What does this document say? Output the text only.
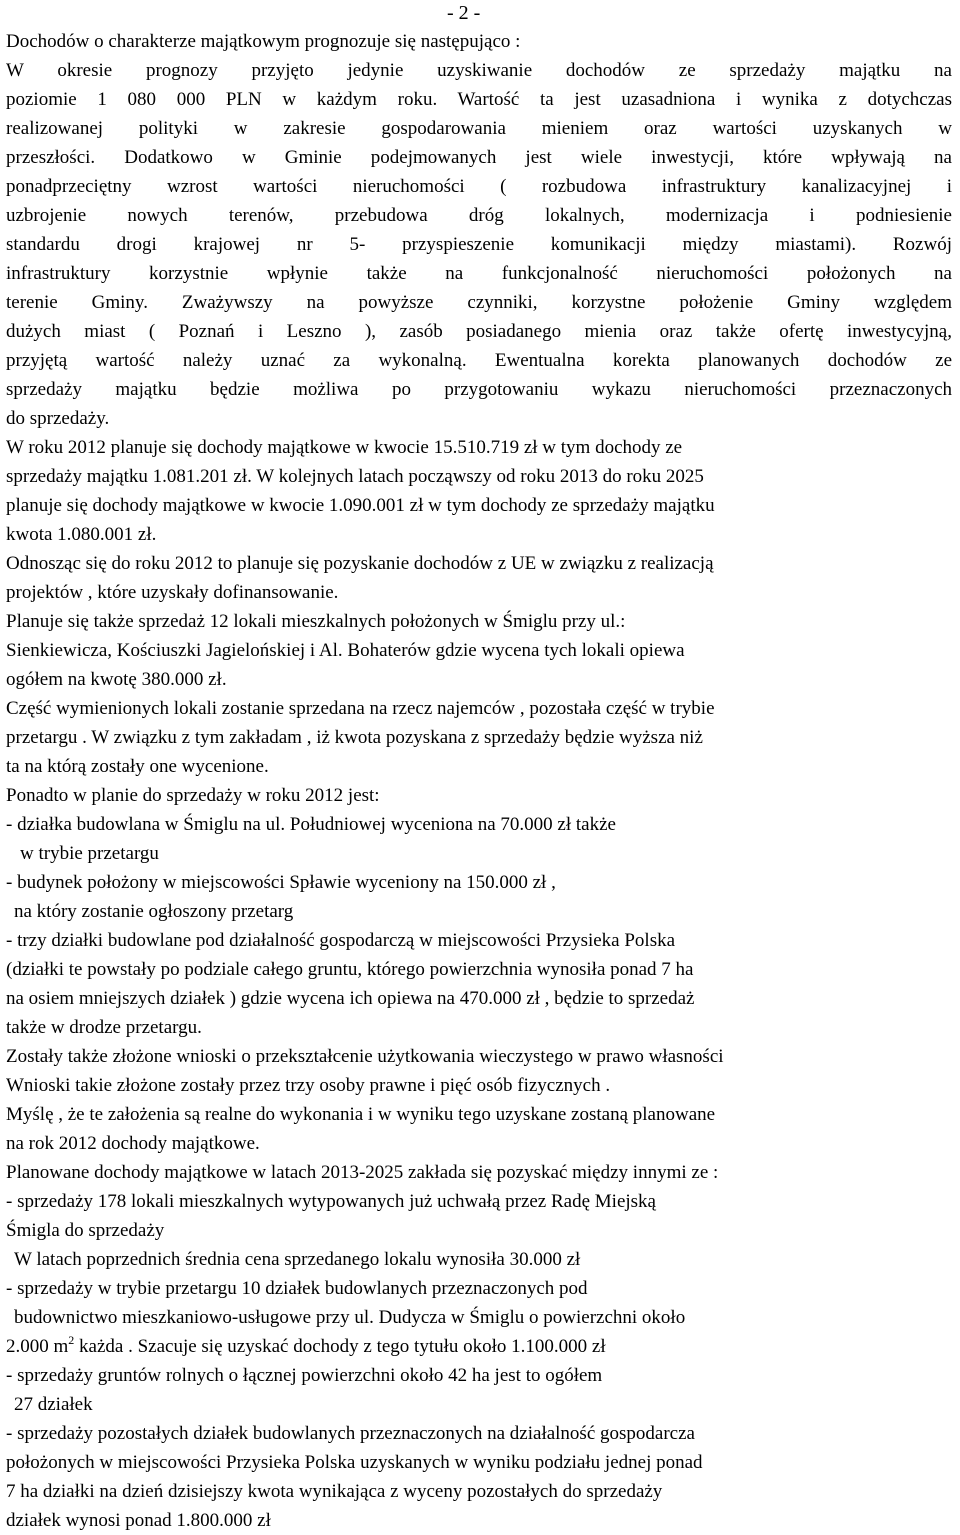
- 2 -

Dochodów o charakterze majątkowym prognozuje się następująco :

W okresie prognozy przyjęto jedynie uzyskiwanie dochodów ze sprzedaży majątku na

poziomie 1 080 000 PLN w każdym roku. Wartość ta jest uzasadniona i wynika z dotychczas

realizowanej polityki w zakresie gospodarowania mieniem oraz wartości uzyskanych w

przeszłości. Dodatkowo w Gminie podejmowanych jest wiele inwestycji, które wpływają na

ponadprzeciętny wzrost wartości nieruchomości ( rozbudowa infrastruktury kanalizacyjnej i

uzbrojenie nowych terenów, przebudowa dróg lokalnych, modernizacja i podniesienie

standardu drogi krajowej nr 5- przyspieszenie komunikacji między miastami). Rozwój

infrastruktury korzystnie wpłynie także na funkcjonalność nieruchomości położonych na

terenie Gminy. Zważywszy na powyższe czynniki, korzystne położenie Gminy względem

dużych miast ( Poznań i Leszno ), zasób posiadanego mienia oraz także ofertę inwestycyjną,

przyjętą wartość należy uznać za wykonalną. Ewentualna korekta planowanych dochodów ze

sprzedaży majątku będzie możliwa po przygotowaniu wykazu nieruchomości przeznaczonych

do sprzedaży.

W roku 2012 planuje się dochody majątkowe w kwocie 15.510.719 zł w tym dochody ze

sprzedaży majątku 1.081.201 zł. W kolejnych latach począwszy od roku 2013 do roku 2025

planuje się dochody majątkowe w kwocie 1.090.001 zł w tym dochody ze sprzedaży majątku

kwota 1.080.001 zł.

Odnosząc się do roku 2012 to planuje się pozyskanie dochodów z UE w związku z realizacją

projektów , które uzyskały dofinansowanie.

Planuje się także sprzedaż 12 lokali mieszkalnych położonych w Śmiglu przy ul.:

Sienkiewicza, Kościuszki Jagielońskiej i Al. Bohaterów gdzie wycena tych lokali opiewa

ogółem na kwotę 380.000 zł.

Część wymienionych lokali zostanie sprzedana na rzecz najemców , pozostała część w trybie

przetargu . W związku z tym zakładam , iż kwota pozyskana z sprzedaży będzie wyższa niż

ta na którą zostały one wycenione.

Ponadto w planie do sprzedaży w roku 2012 jest:

- działka budowlana w Śmiglu na ul. Południowej wyceniona na 70.000 zł także

w trybie przetargu

- budynek położony w miejscowości Spławie wyceniony na 150.000 zł ,

na który zostanie ogłoszony przetarg

- trzy działki budowlane pod działalność gospodarczą w miejscowości Przysieka Polska

(działki te powstały po podziale całego gruntu, którego powierzchnia wynosiła ponad 7 ha

na osiem mniejszych działek ) gdzie wycena ich opiewa na 470.000 zł , będzie to sprzedaż

także w drodze przetargu.

Zostały także złożone wnioski o przekształcenie użytkowania wieczystego w prawo własności

Wnioski takie złożone zostały przez trzy osoby prawne i pięć osób fizycznych .

Myślę , że te założenia są realne do wykonania i w wyniku tego uzyskane zostaną planowane

na rok 2012 dochody majątkowe.

Planowane dochody majątkowe w latach 2013-2025 zakłada się pozyskać między innymi ze :

- sprzedaży 178 lokali mieszkalnych wytypowanych już uchwałą przez Radę Miejską

Śmigla do sprzedaży

W latach poprzednich średnia cena sprzedanego lokalu wynosiła 30.000 zł

- sprzedaży w trybie przetargu 10 działek budowlanych przeznaczonych pod

budownictwo mieszkaniowo-usługowe przy ul. Dudycza w Śmiglu o powierzchni około

2.000 $m^2$ każda . Szacuje się uzyskać dochody z tego tytułu około 1.100.000 zł

- sprzedaży gruntów rolnych o łącznej powierzchni około 42 ha jest to ogółem

27 działek

- sprzedaży pozostałych działek budowlanych przeznaczonych na działalność gospodarcza

położonych w miejscowości Przysieka Polska uzyskanych w wyniku podziału jednej ponad

7 ha działki na dzień dzisiejszy kwota wynikająca z wyceny pozostałych do sprzedaży

działek wynosi ponad 1.800.000 zł
